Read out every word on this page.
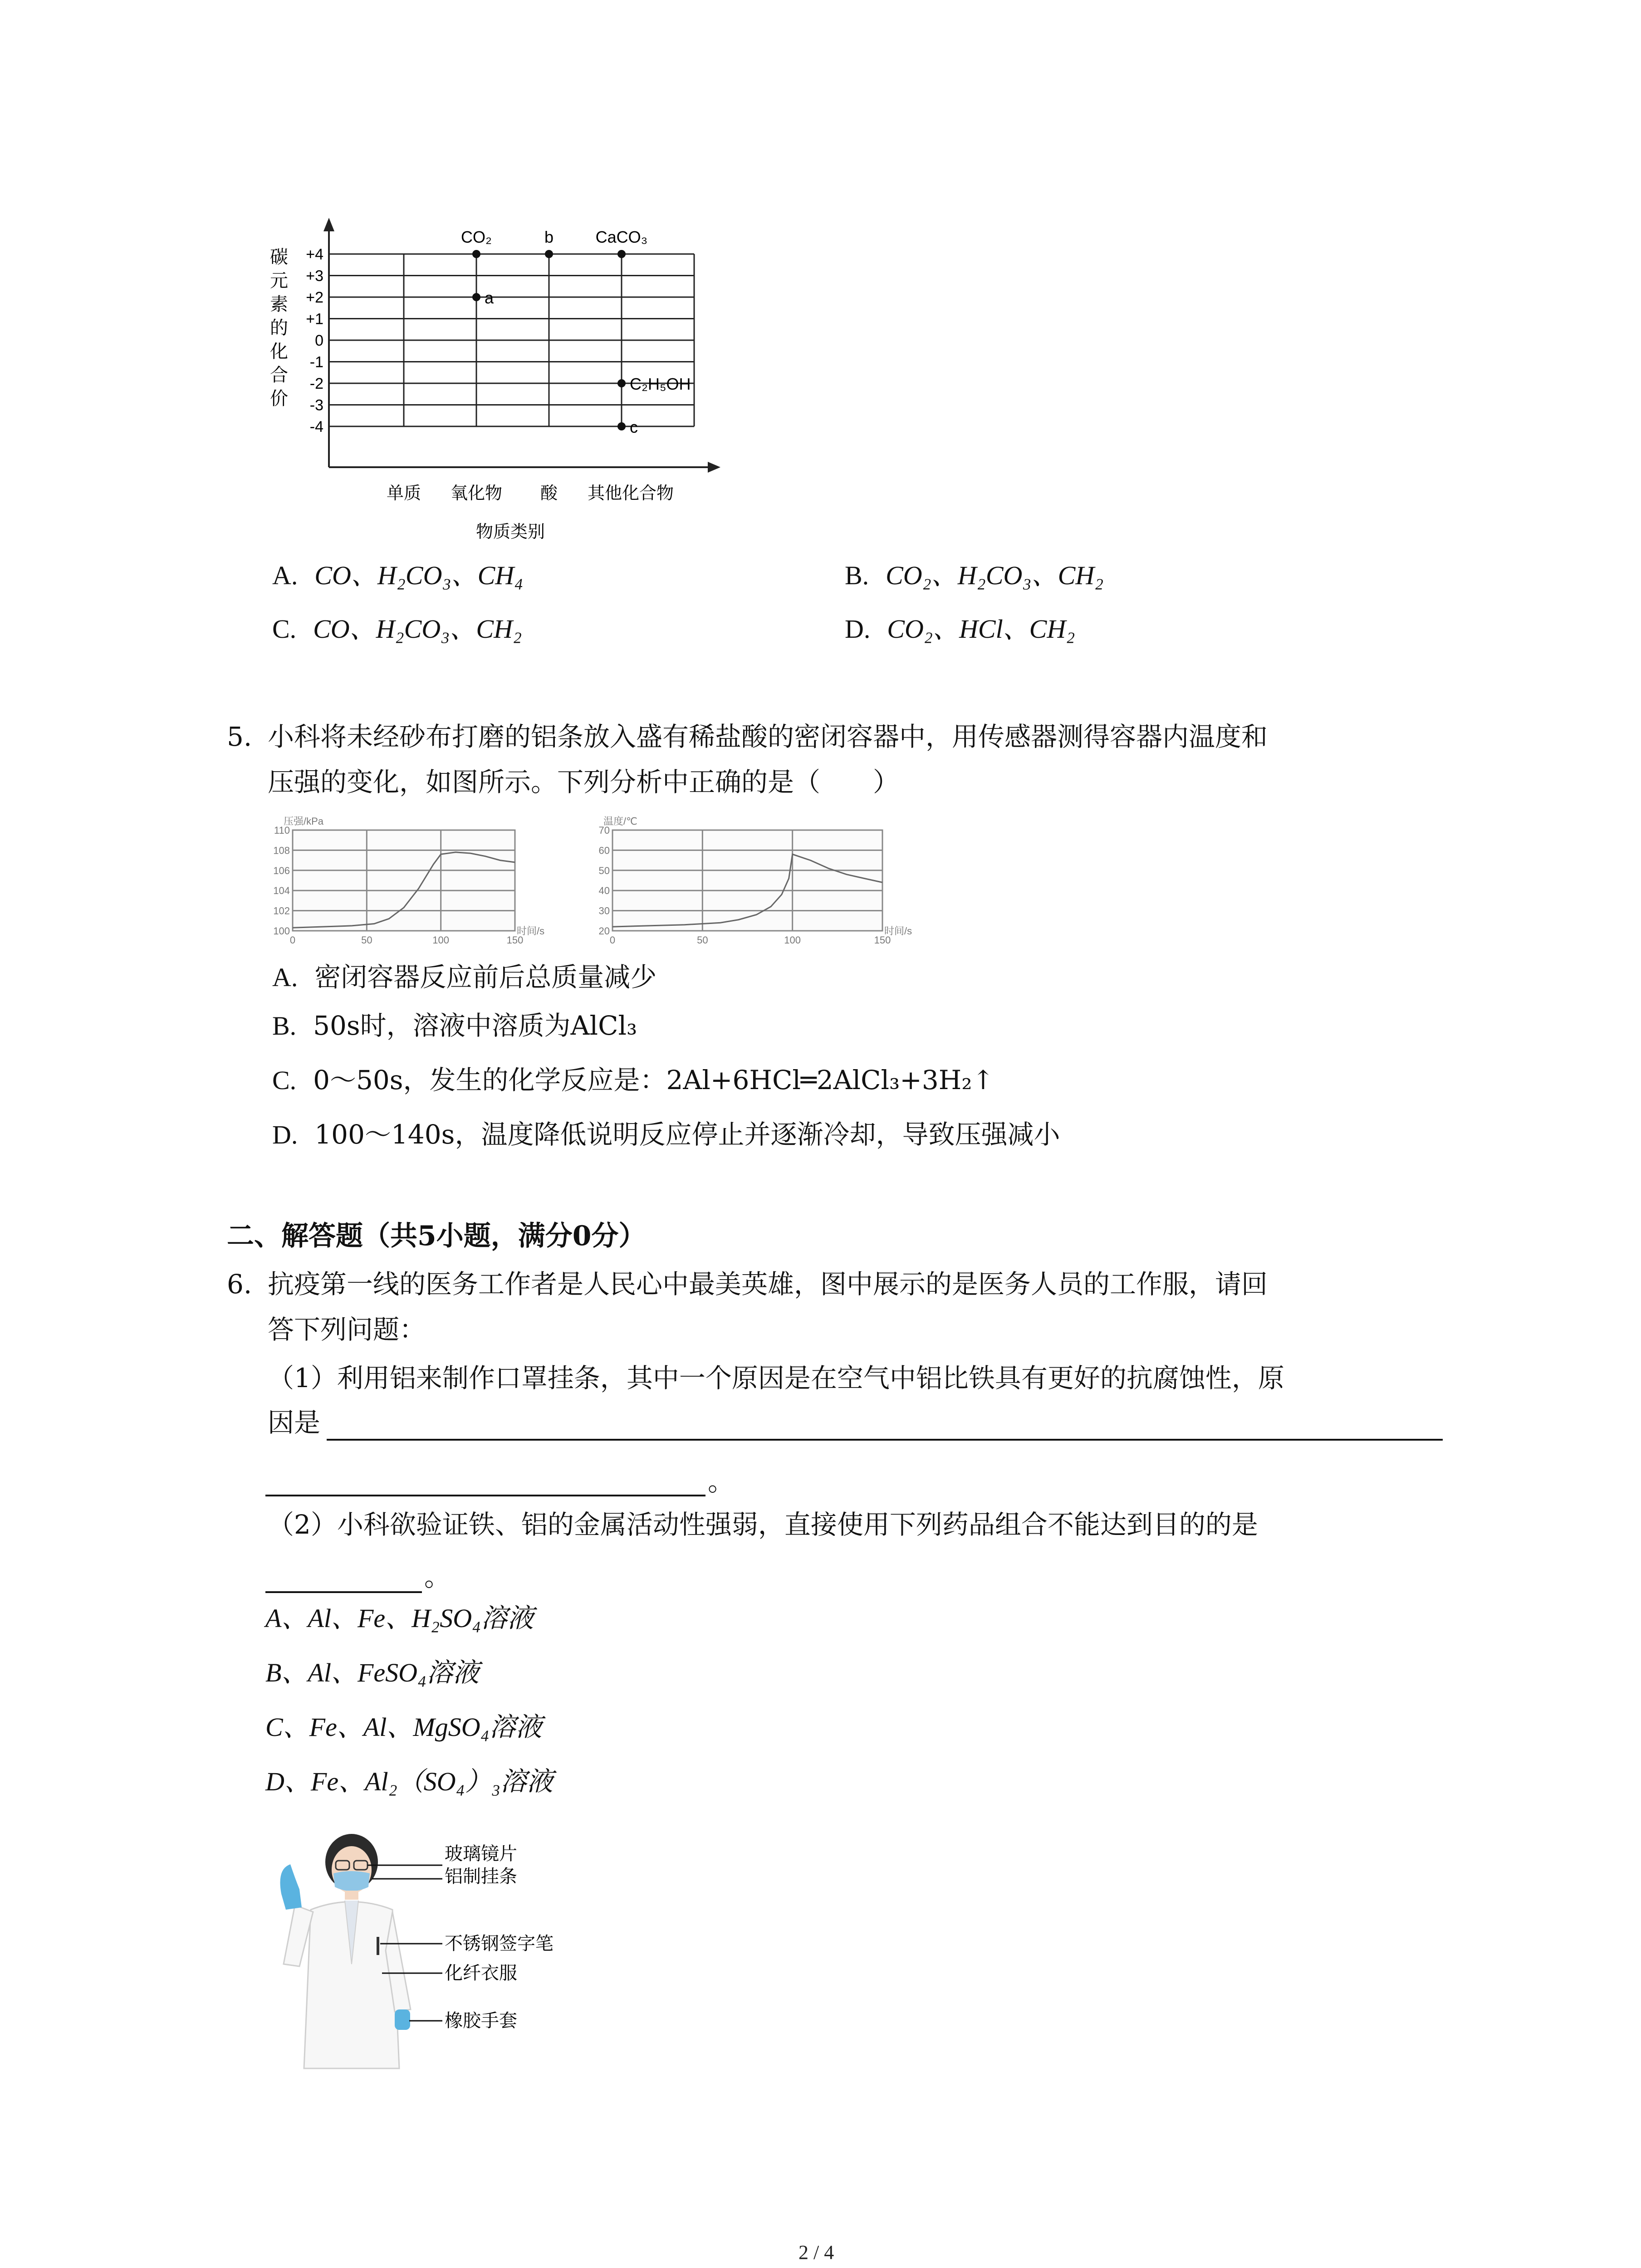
碳
元
素
的
化
合
价
+4
+3
+2
+1
0
-1
-2
-3
-4
单质 氧化物 酸 其他化合物
CO₂
a
b	CaCO₃
C₂H₅OH
c
物质类别
A. CO、H₂CO₃、CH₄	B. CO₂、H₂CO₃、CH₂
C. CO、H₂CO₃、CH₂	D. CO₂、HCl、CH₂
5. 小科将未经砂布打磨的铝条放入盛有稀盐酸的密闭容器中，用传感器测得容器内温度和
压强的变化，如图所示。下列分析中正确的是（　　）
100
102
104
106
108
110
0	50	100	150
压强/kPa
时间/s	20
30
40
50
60
70
0	50	100	150
温度/℃
时间/s
A. 密闭容器反应前后总质量减少
B. 50s时，溶液中溶质为AlCl₃
C. 0～50s，发生的化学反应是：2Al+6HCl═2AlCl₃+3H₂↑
D. 100～140s，温度降低说明反应停止并逐渐冷却，导致压强减小
二、解答题（共5小题，满分0分）
6. 抗疫第一线的医务工作者是人民心中最美英雄，图中展示的是医务人员的工作服，请回
答下列问题：
（1）利用铝来制作口罩挂条，其中一个原因是在空气中铝比铁具有更好的抗腐蚀性，原
因是
。
（2）小科欲验证铁、铝的金属活动性强弱，直接使用下列药品组合不能达到目的的是
。
A、Al、Fe、H₂SO₄溶液
B、Al、FeSO₄溶液
C、Fe、Al、MgSO₄溶液
D、Fe、Al₂（SO₄）₃溶液
玻璃镜片
铝制挂条
不锈钢签字笔
化纤衣服
橡胶手套
2 / 4
